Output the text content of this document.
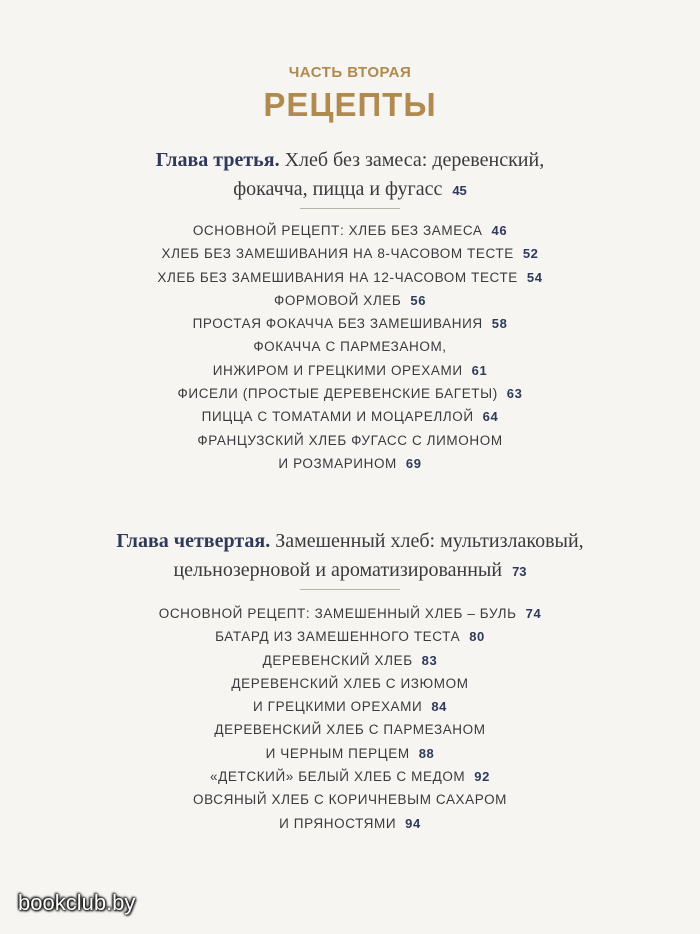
ЧАСТЬ ВТОРАЯ
РЕЦЕПТЫ
Глава третья. Хлеб без замеса: деревенский,
фокачча, пицца и фугасс 45
ОСНОВНОЙ РЕЦЕПТ: ХЛЕБ БЕЗ ЗАМЕСА 46
ХЛЕБ БЕЗ ЗАМЕШИВАНИЯ НА 8-ЧАСОВОМ ТЕСТЕ 52
ХЛЕБ БЕЗ ЗАМЕШИВАНИЯ НА 12-ЧАСОВОМ ТЕСТЕ 54
ФОРМОВОЙ ХЛЕБ 56
ПРОСТАЯ ФОКАЧЧА БЕЗ ЗАМЕШИВАНИЯ 58
ФОКАЧЧА С ПАРМЕЗАНОМ,
ИНЖИРОМ И ГРЕЦКИМИ ОРЕХАМИ 61
ФИСЕЛИ (ПРОСТЫЕ ДЕРЕВЕНСКИЕ БАГЕТЫ) 63
ПИЦЦА С ТОМАТАМИ И МОЦАРЕЛЛОЙ 64
ФРАНЦУЗСКИЙ ХЛЕБ ФУГАСС С ЛИМОНОМ
И РОЗМАРИНОМ 69
Глава четвертая. Замешенный хлеб: мультизлаковый,
цельнозерновой и ароматизированный 73
ОСНОВНОЙ РЕЦЕПТ: ЗАМЕШЕННЫЙ ХЛЕБ – БУЛЬ 74
БАТАРД ИЗ ЗАМЕШЕННОГО ТЕСТА 80
ДЕРЕВЕНСКИЙ ХЛЕБ 83
ДЕРЕВЕНСКИЙ ХЛЕБ С ИЗЮМОМ
И ГРЕЦКИМИ ОРЕХАМИ 84
ДЕРЕВЕНСКИЙ ХЛЕБ С ПАРМЕЗАНОМ
И ЧЕРНЫМ ПЕРЦЕМ 88
«ДЕТСКИЙ» БЕЛЫЙ ХЛЕБ С МЕДОМ 92
ОВСЯНЫЙ ХЛЕБ С КОРИЧНЕВЫМ САХАРОМ
И ПРЯНОСТЯМИ 94
bookclub.by
